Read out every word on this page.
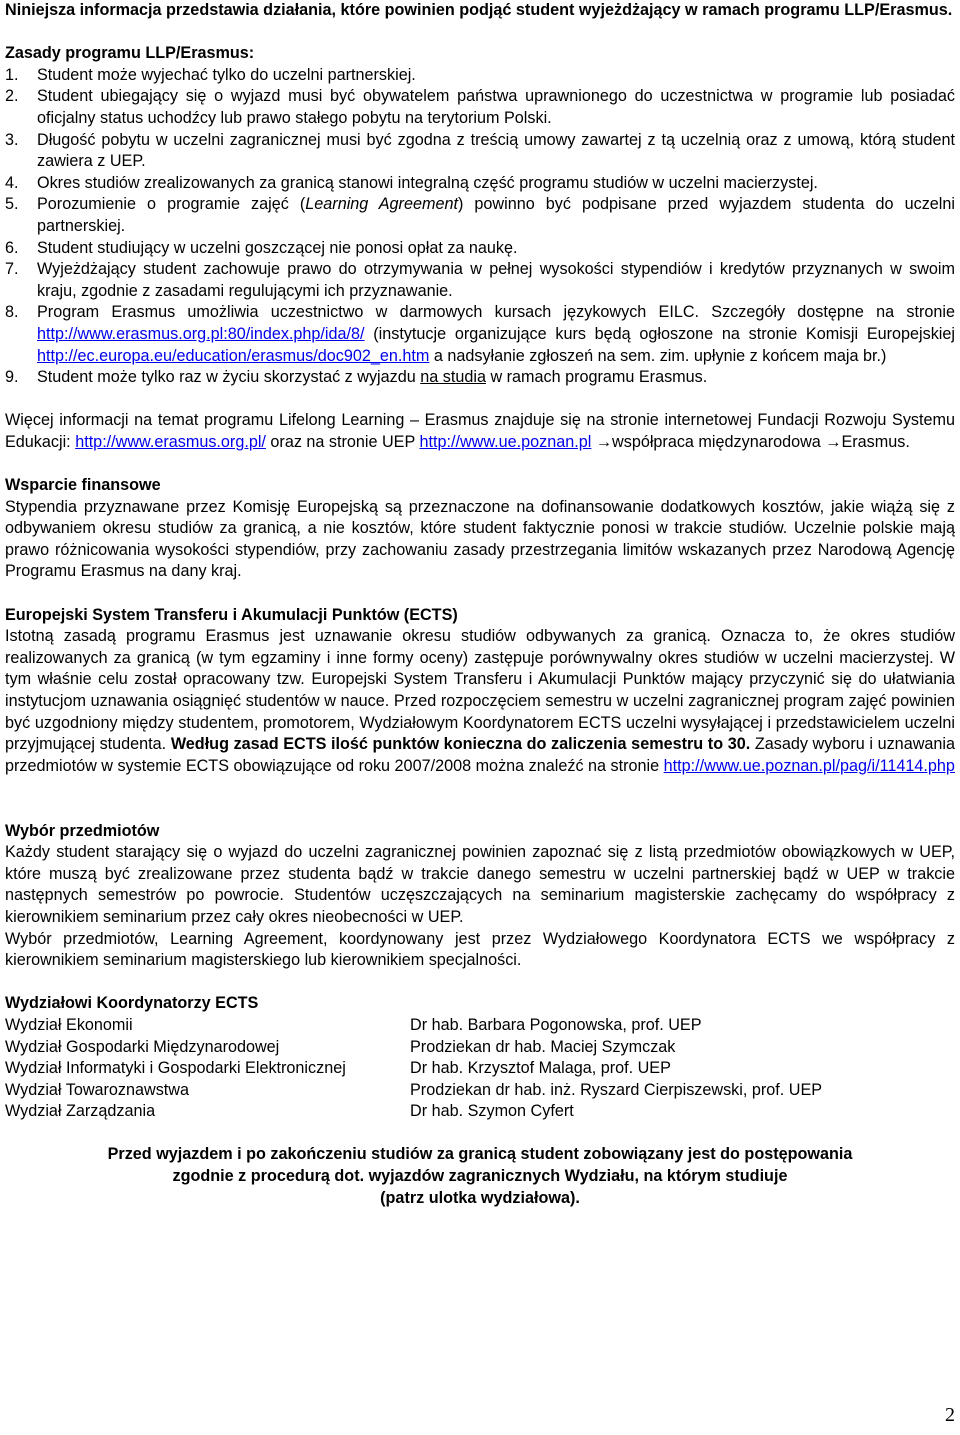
Niniejsza informacja przedstawia działania, które powinien podjąć student wyjeżdżający w ramach programu LLP/Erasmus.

Zasady programu LLP/Erasmus:

1. Student może wyjechać tylko do uczelni partnerskiej.
2. Student ubiegający się o wyjazd musi być obywatelem państwa uprawnionego do uczestnictwa w programie lub posiadać oficjalny status uchodźcy lub prawo stałego pobytu na terytorium Polski.
3. Długość pobytu w uczelni zagranicznej musi być zgodna z treścią umowy zawartej z tą uczelnią oraz z umową, którą student zawiera z UEP.
4. Okres studiów zrealizowanych za granicą stanowi integralną część programu studiów w uczelni macierzystej.
5. Porozumienie o programie zajęć (Learning Agreement) powinno być podpisane przed wyjazdem studenta do uczelni partnerskiej.
6. Student studiujący w uczelni goszczącej nie ponosi opłat za naukę.
7. Wyjeżdżający student zachowuje prawo do otrzymywania w pełnej wysokości stypendiów i kredytów przyznanych w swoim kraju, zgodnie z zasadami regulującymi ich przyznawanie.
8. Program Erasmus umożliwia uczestnictwo w darmowych kursach językowych EILC. Szczegóły dostępne na stronie http://www.erasmus.org.pl:80/index.php/ida/8/ (instytucje organizujące kurs będą ogłoszone na stronie Komisji Europejskiej http://ec.europa.eu/education/erasmus/doc902_en.htm a nadsyłanie zgłoszeń na sem. zim. upłynie z końcem maja br.)
9. Student może tylko raz w życiu skorzystać z wyjazdu na studia w ramach programu Erasmus.

Więcej informacji na temat programu Lifelong Learning – Erasmus znajduje się na stronie internetowej Fundacji Rozwoju Systemu Edukacji: http://www.erasmus.org.pl/ oraz na stronie UEP http://www.ue.poznan.pl →współpraca międzynarodowa →Erasmus.

Wsparcie finansowe

Stypendia przyznawane przez Komisję Europejską są przeznaczone na dofinansowanie dodatkowych kosztów, jakie wiążą się z odbywaniem okresu studiów za granicą, a nie kosztów, które student faktycznie ponosi w trakcie studiów. Uczelnie polskie mają prawo różnicowania wysokości stypendiów, przy zachowaniu zasady przestrzegania limitów wskazanych przez Narodową Agencję Programu Erasmus na dany kraj.

Europejski System Transferu i Akumulacji Punktów (ECTS)

Istotną zasadą programu Erasmus jest uznawanie okresu studiów odbywanych za granicą. Oznacza to, że okres studiów realizowanych za granicą (w tym egzaminy i inne formy oceny) zastępuje porównywalny okres studiów w uczelni macierzystej. W tym właśnie celu został opracowany tzw. Europejski System Transferu i Akumulacji Punktów mający przyczynić się do ułatwiania instytucjom uznawania osiągnięć studentów w nauce. Przed rozpoczęciem semestru w uczelni zagranicznej program zajęć powinien być uzgodniony między studentem, promotorem, Wydziałowym Koordynatorem ECTS uczelni wysyłającej i przedstawicielem uczelni przyjmującej studenta. Według zasad ECTS ilość punktów konieczna do zaliczenia semestru to 30. Zasady wyboru i uznawania przedmiotów w systemie ECTS obowiązujące od roku 2007/2008 można znaleźć na stronie http://www.ue.poznan.pl/pag/i/11414.php

Wybór przedmiotów

Każdy student starający się o wyjazd do uczelni zagranicznej powinien zapoznać się z listą przedmiotów obowiązkowych w UEP, które muszą być zrealizowane przez studenta bądź w trakcie danego semestru w uczelni partnerskiej bądź w UEP w trakcie następnych semestrów po powrocie. Studentów uczęszczających na seminarium magisterskie zachęcamy do współpracy z kierownikiem seminarium przez cały okres nieobecności w UEP.

Wybór przedmiotów, Learning Agreement, koordynowany jest przez Wydziałowego Koordynatora ECTS we współpracy z kierownikiem seminarium magisterskiego lub kierownikiem specjalności.

Wydziałowi Koordynatorzy ECTS

Wydział Ekonomii	Dr hab. Barbara Pogonowska, prof. UEP
Wydział Gospodarki Międzynarodowej	Prodziekan dr hab. Maciej Szymczak
Wydział Informatyki i Gospodarki Elektronicznej	Dr hab. Krzysztof Malaga, prof. UEP
Wydział Towaroznawstwa	Prodziekan dr hab. inż. Ryszard Cierpiszewski, prof. UEP
Wydział Zarządzania	Dr hab. Szymon Cyfert

Przed wyjazdem i po zakończeniu studiów za granicą student zobowiązany jest do postępowania

zgodnie z procedurą dot. wyjazdów zagranicznych Wydziału, na którym studiuje

(patrz ulotka wydziałowa).

2
